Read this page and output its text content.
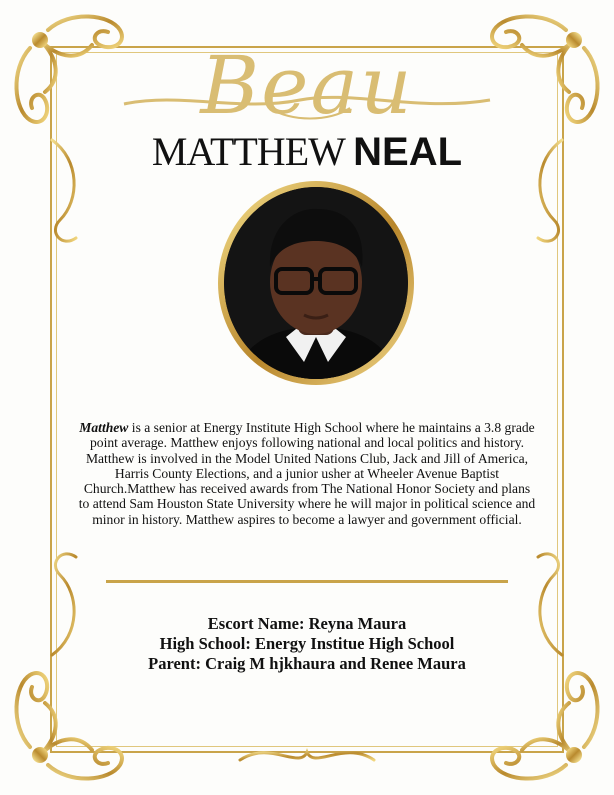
Beau
MATTHEW NEAL
Matthew is a senior at Energy Institute High School where he maintains a 3.8 grade point average. Matthew enjoys following national and local politics and history. Matthew is involved in the Model United Nations Club, Jack and Jill of America, Harris County Elections, and a junior usher at Wheeler Avenue Baptist Church.Matthew has received awards from The National Honor Society and plans to attend Sam Houston State University where he will major in political science and minor in history. Matthew aspires to become a lawyer and government official.
Escort Name: Reyna Maura
High School: Energy Institue High School
Parent: Craig M hjkhaura and Renee Maura
